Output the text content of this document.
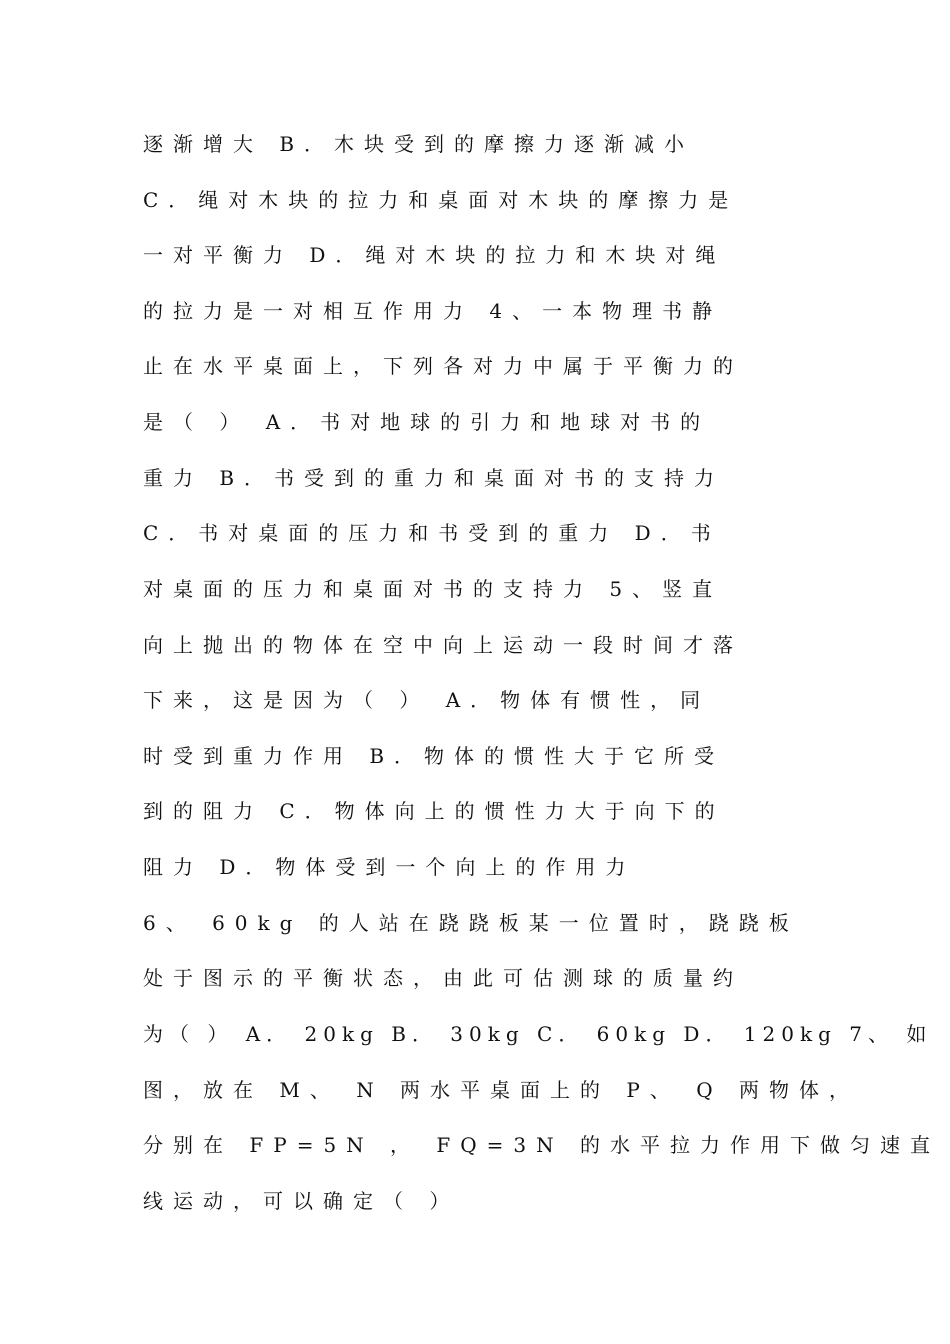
逐渐增大 B．木块受到的摩擦力逐渐减小
C．绳对木块的拉力和桌面对木块的摩擦力是
一对平衡力 D．绳对木块的拉力和木块对绳
的拉力是一对相互作用力 4、一本物理书静
止在水平桌面上，下列各对力中属于平衡力的
是（ ） A．书对地球的引力和地球对书的
重力 B．书受到的重力和桌面对书的支持力
C．书对桌面的压力和书受到的重力 D．书
对桌面的压力和桌面对书的支持力 5、竖直
向上抛出的物体在空中向上运动一段时间才落
下来，这是因为（ ） A．物体有惯性，同
时受到重力作用 B．物体的惯性大于它所受
到的阻力 C．物体向上的惯性力大于向下的
阻力 D．物体受到一个向上的作用力
6、 60kg 的人站在跷跷板某一位置时，跷跷板
处于图示的平衡状态，由此可估测球的质量约
为（ ） A． 20kg B． 30kg C． 60kg D． 120kg 7、 如
图，放在 M、 N 两水平桌面上的 P、 Q 两物体，
分别在 FP=5N ， FQ=3N 的水平拉力作用下做匀速直
线运动，可以确定（ ）
